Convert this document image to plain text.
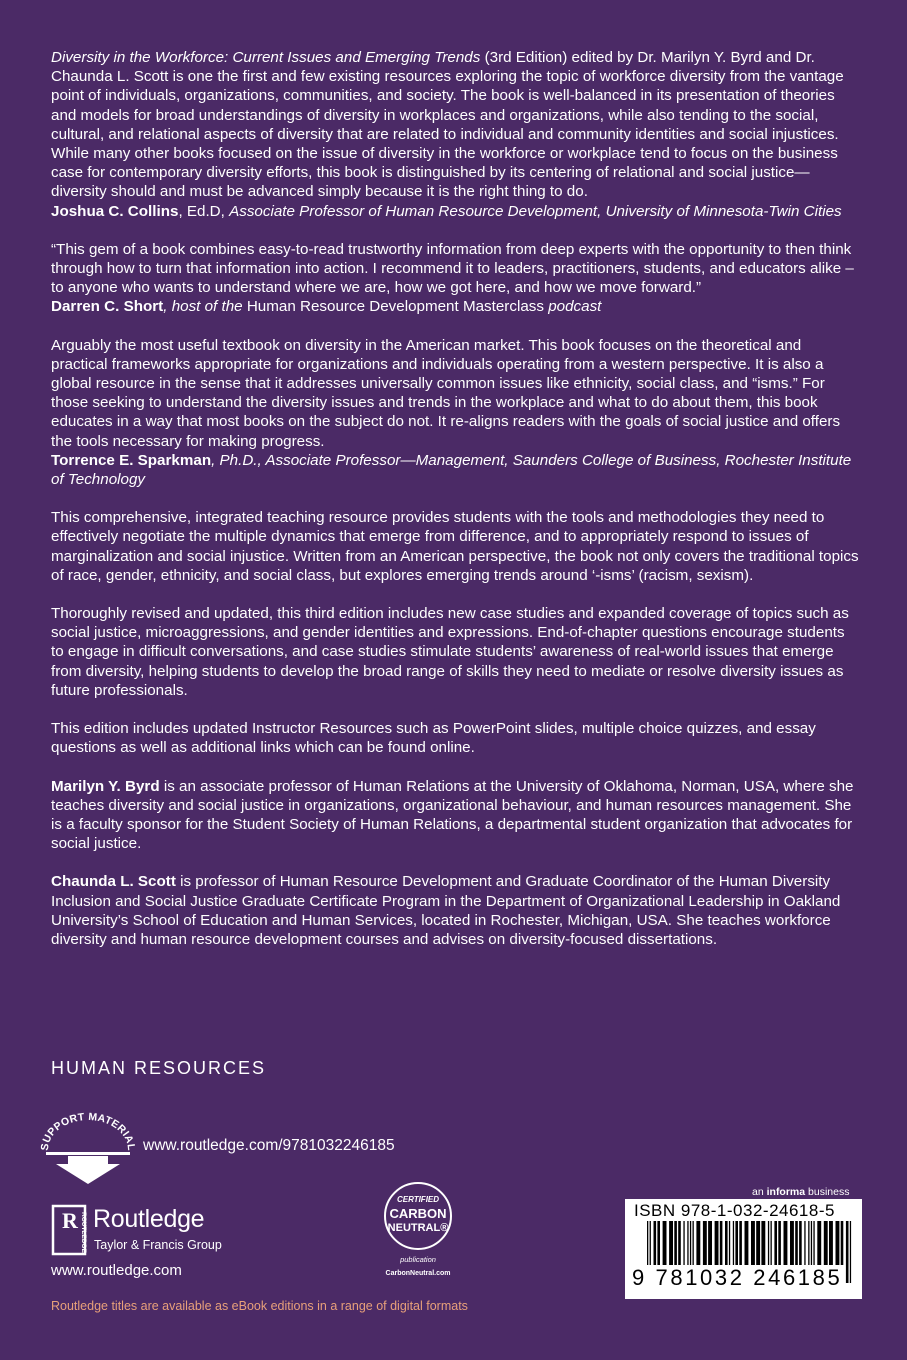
Diversity in the Workforce: Current Issues and Emerging Trends (3rd Edition) edited by Dr. Marilyn Y. Byrd and Dr. Chaunda L. Scott is one the first and few existing resources exploring the topic of workforce diversity from the vantage point of individuals, organizations, communities, and society. The book is well-balanced in its presentation of theories and models for broad understandings of diversity in workplaces and organizations, while also tending to the social, cultural, and relational aspects of diversity that are related to individual and community identities and social injustices. While many other books focused on the issue of diversity in the workforce or workplace tend to focus on the business case for contemporary diversity efforts, this book is distinguished by its centering of relational and social justice—diversity should and must be advanced simply because it is the right thing to do.

Joshua C. Collins, Ed.D, Associate Professor of Human Resource Development, University of Minnesota-Twin Cities

“This gem of a book combines easy-to-read trustworthy information from deep experts with the opportunity to then think through how to turn that information into action. I recommend it to leaders, practitioners, students, and educators alike – to anyone who wants to understand where we are, how we got here, and how we move forward.”

Darren C. Short, host of the Human Resource Development Masterclass podcast

Arguably the most useful textbook on diversity in the American market. This book focuses on the theoretical and practical frameworks appropriate for organizations and individuals operating from a western perspective. It is also a global resource in the sense that it addresses universally common issues like ethnicity, social class, and “isms.” For those seeking to understand the diversity issues and trends in the workplace and what to do about them, this book educates in a way that most books on the subject do not. It re-aligns readers with the goals of social justice and offers the tools necessary for making progress.

Torrence E. Sparkman, Ph.D., Associate Professor—Management, Saunders College of Business, Rochester Institute of Technology

This comprehensive, integrated teaching resource provides students with the tools and methodologies they need to effectively negotiate the multiple dynamics that emerge from difference, and to appropriately respond to issues of marginalization and social injustice. Written from an American perspective, the book not only covers the traditional topics of race, gender, ethnicity, and social class, but explores emerging trends around ‘-isms’ (racism, sexism).

Thoroughly revised and updated, this third edition includes new case studies and expanded coverage of topics such as social justice, microaggressions, and gender identities and expressions. End-of-chapter questions encourage students to engage in difficult conversations, and case studies stimulate students’ awareness of real-world issues that emerge from diversity, helping students to develop the broad range of skills they need to mediate or resolve diversity issues as future professionals.

This edition includes updated Instructor Resources such as PowerPoint slides, multiple choice quizzes, and essay questions as well as additional links which can be found online.

Marilyn Y. Byrd is an associate professor of Human Relations at the University of Oklahoma, Norman, USA, where she teaches diversity and social justice in organizations, organizational behaviour, and human resources management. She is a faculty sponsor for the Student Society of Human Relations, a departmental student organization that advocates for social justice.

Chaunda L. Scott is professor of Human Resource Development and Graduate Coordinator of the Human Diversity Inclusion and Social Justice Graduate Certificate Program in the Department of Organizational Leadership in Oakland University’s School of Education and Human Services, located in Rochester, Michigan, USA. She teaches workforce diversity and human resource development courses and advises on diversity-focused dissertations.

HUMAN RESOURCES
SUPPORT MATERIAL www.routledge.com/9781032246185
R ROUTLEDGE Routledge
Taylor & Francis Group
www.routledge.com
CERTIFIED
CARBON
NEUTRAL®
publication
CarbonNeutral.com
an informa business
ISBN 978-1-032-24618-5
9 781032 246185
Routledge titles are available as eBook editions in a range of digital formats
